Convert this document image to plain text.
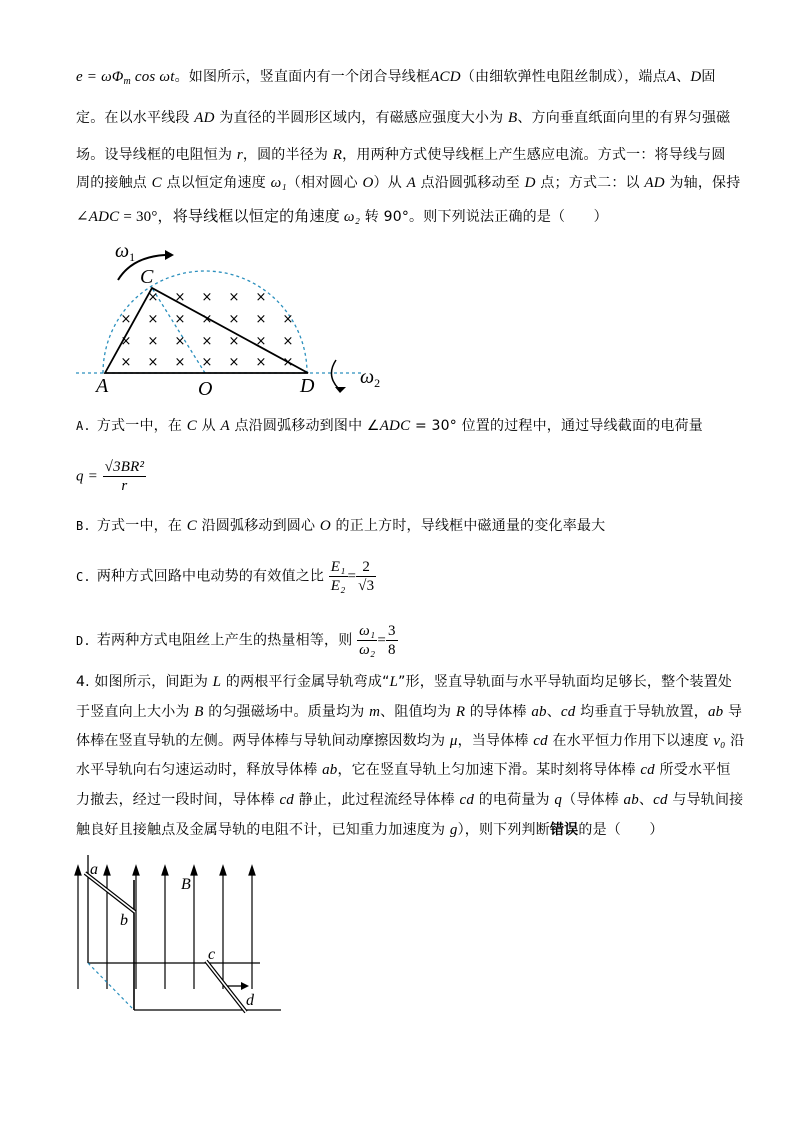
$e = \omega\Phi_m$ cos ωt。如图所示，竖直面内有一个闭合导线框ACD（由细软弹性电阻丝制成），端点A、D固
定。在以水平线段 AD 为直径的半圆形区域内，有磁感应强度大小为 B、方向垂直纸面向里的有界匀强磁
场。设导线框的电阻恒为 r，圆的半径为 R，用两种方式使导线框上产生感应电流。方式一：将导线与圆
周的接触点 C 点以恒定角速度 ω₁（相对圆心 O）从 A 点沿圆弧移动至 D 点；方式二：以 AD 为轴，保持
∠ADC = 30°，将导线框以恒定的角速度 ω₂ 转 90°。则下列说法正确的是（　　）
× × × × ×
× × × × × × ×
× × × × × × ×
× × × × × × ×
$\omega_1$
C
A	O	D $\omega_2$
A. 方式一中，在 C 从 A 点沿圆弧移动到图中 ∠ADC = 30° 位置的过程中，通过导线截面的电荷量
$q = \frac{\text{√3BR²}}{r}$
B. 方式一中，在 C 沿圆弧移动到圆心 O 的正上方时，导线框中磁通量的变化率最大
C. 两种方式回路中电动势的有效值之比 $\frac{\text{E₁}}{\text{E₂}} = \frac{2}{√3}$
D. 若两种方式电阻丝上产生的热量相等，则 $\frac{\text{ω₁}}{\text{ω₂}} = \frac{3}{8}$
4. 如图所示，间距为 L 的两根平行金属导轨弯成“L”形，竖直导轨面与水平导轨面均足够长，整个装置处
于竖直向上大小为 B 的匀强磁场中。质量均为 m、阻值均为 R 的导体棒 ab、cd 均垂直于导轨放置，ab 导
体棒在竖直导轨的左侧。两导体棒与导轨间动摩擦因数均为 μ，当导体棒 cd 在水平恒力作用下以速度 v₀ 沿
水平导轨向右匀速运动时，释放导体棒 ab，它在竖直导轨上匀加速下滑。某时刻将导体棒 cd 所受水平恒
力撤去，经过一段时间，导体棒 cd 静止，此过程流经导体棒 cd 的电荷量为 q（导体棒 ab、cd 与导轨间接
触良好且接触点及金属导轨的电阻不计，已知重力加速度为 g），则下列判断错误的是（　　）
a
b
B
c
d
